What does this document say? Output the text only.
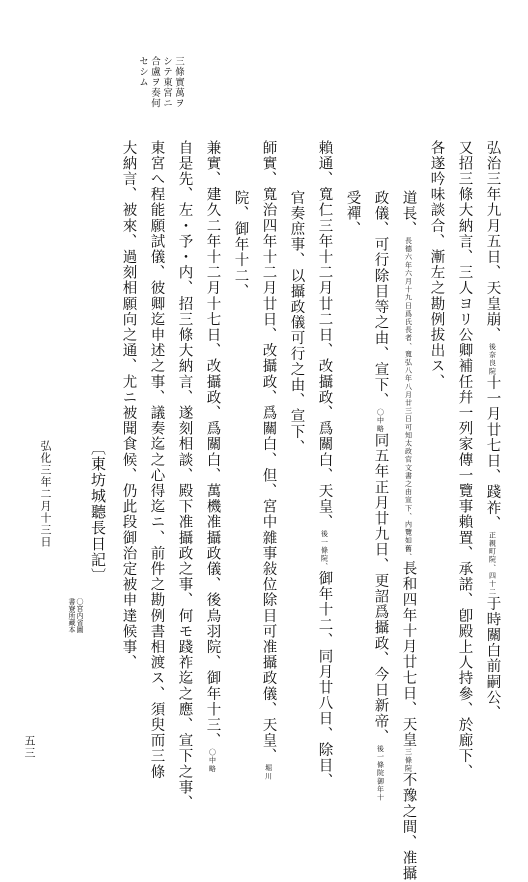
三條實萬ヲシテ東宮ニ合盧ヲ奏何セシム
弘治三年九月五日、天皇崩、後奈良院十一月廿七日、踐祚、正親町院、四十二于時關白前嗣公、
又招三條大納言、三人ヨリ公卿補任幷一列家傳一覽事賴置、承諾、卽殿上人持參、於廊下、
各遂吟味談合、漸左之勘例拔出ス、
道長、長德六年六月十九日爲氏長者、寬弘八年八月廿三日可知太政官文書之由宣下、内覽如舊、長和四年十月廿七日、天皇三條院不豫之間、准攝
政儀、可行除目等之由、宣下、〇中略同五年正月廿九日、更詔爲攝政、今日新帝、後一條院御年十
受禪、
賴通、寬仁三年十二月廿二日、改攝政、爲關白、天皇、後一條院、御年十二、同月廿八日、除目、
官奏庶事、以攝政儀可行之由、宣下、
師實、寬治四年十二月廿日、改攝政、爲關白、但、宮中雜事敍位除目可准攝政儀、天皇、堀川
院、御年十二、
兼實、建久二年十二月十七日、改攝政、爲關白、萬機准攝政儀、後鳥羽院、御年十三、〇中略
自是先、左・予・内、招三條大納言、遂刻相談、殿下准攝政之事、何モ踐祚迄之應、宣下之事、
東宮へ程能願試儀、彼卿迄申述之事、議奏迄之心得迄ニ、前件之勘例書相渡ス、須臾而三條
大納言、被來、過刻相願向之通、尤ニ被聞食候、仍此段御治定被申達候事、
〔東坊城聽長日記〕
〇宮内省圖
書寮所藏本
弘化三年二月十三日
五三
